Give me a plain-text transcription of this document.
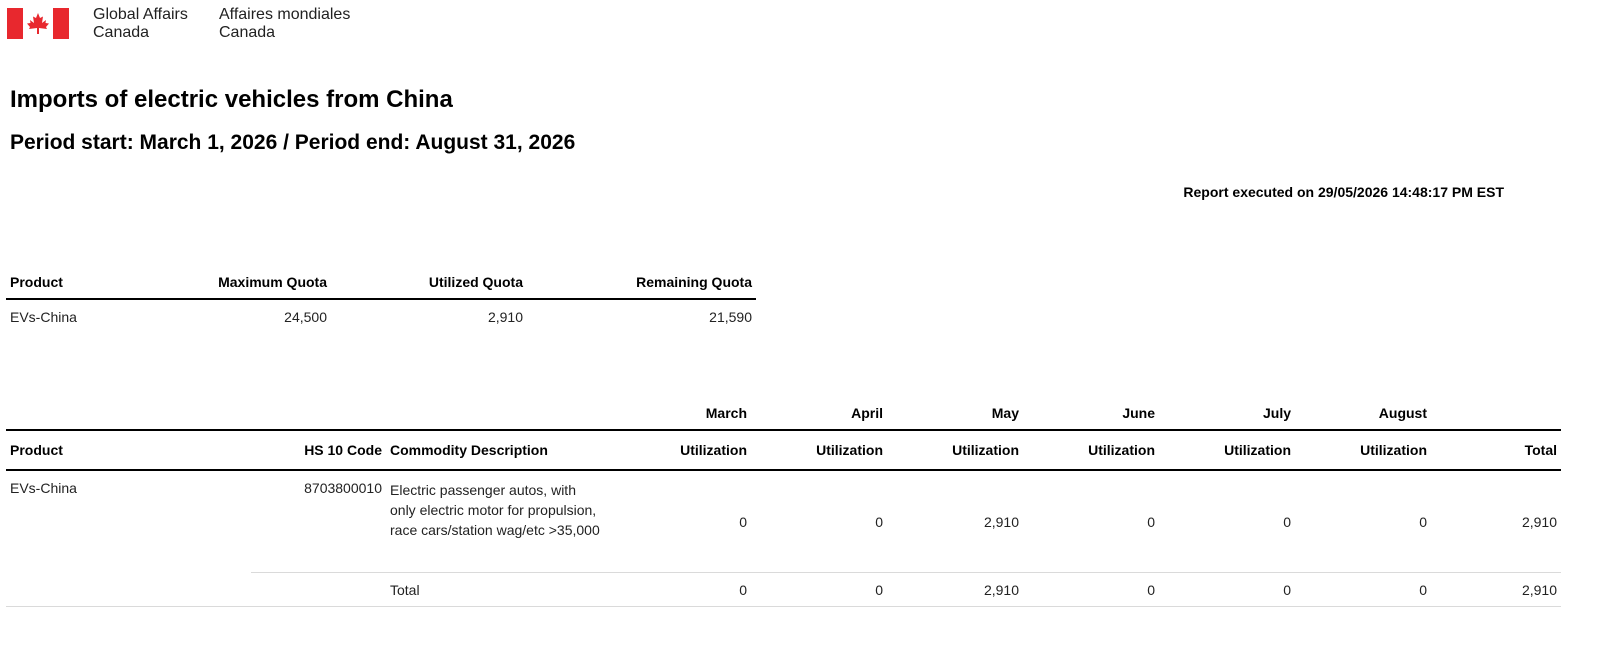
Global Affairs
Canada
Affaires mondiales
Canada
Imports of electric vehicles from China
Period start: March 1, 2026 / Period end: August 31, 2026
Report executed on 29/05/2026 14:48:17 PM EST
Product	Maximum Quota	Utilized Quota	Remaining Quota
EVs-China	24,500	2,910	21,590
			March	April	May	June	July	August	
Product	HS 10 Code	Commodity Description	Utilization	Utilization	Utilization	Utilization	Utilization	Utilization	Total
EVs-China	8703800010	Electric passenger autos, with only electric motor for propulsion, race cars/station wag/etc >35,000	0	0	2,910	0	0	0	2,910
		Total	0	0	2,910	0	0	0	2,910
